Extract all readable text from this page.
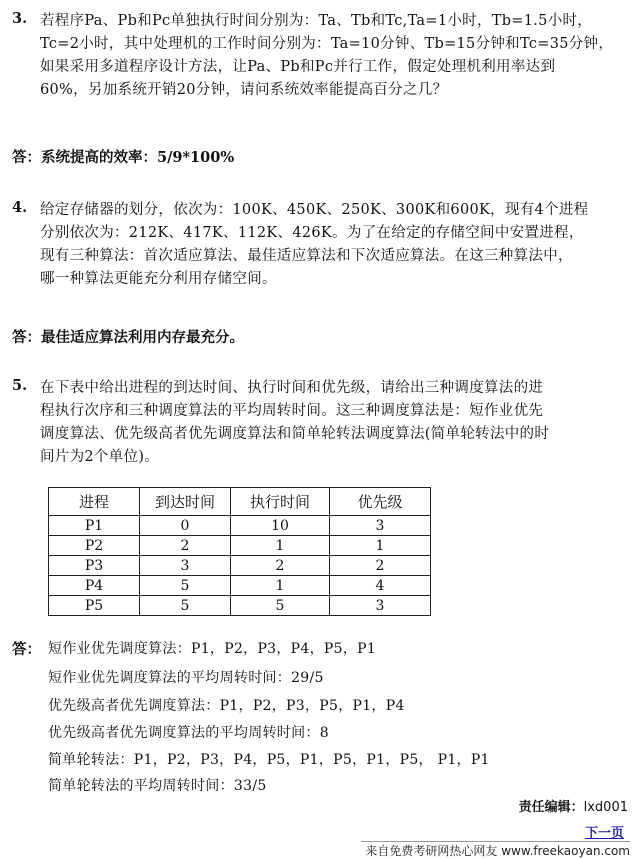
3. 若程序Pa、Pb和Pc单独执行时间分别为：Ta、Tb和Tc,Ta=1小时，Tb=1.5小时，
Tc=2小时，其中处理机的工作时间分别为：Ta=10分钟、Tb=15分钟和Tc=35分钟，
如果采用多道程序设计方法，让Pa、Pb和Pc并行工作，假定处理机利用率达到
60%，另加系统开销20分钟，请问系统效率能提高百分之几？
答：系统提高的效率：5/9*100%
4. 给定存储器的划分，依次为：100K、450K、250K、300K和600K，现有4个进程
分别依次为：212K、417K、112K、426K。为了在给定的存储空间中安置进程，
现有三种算法：首次适应算法、最佳适应算法和下次适应算法。在这三种算法中，
哪一种算法更能充分利用存储空间。
答：最佳适应算法利用内存最充分。
5. 在下表中给出进程的到达时间、执行时间和优先级，请给出三种调度算法的进
程执行次序和三种调度算法的平均周转时间。这三种调度算法是：短作业优先
调度算法、优先级高者优先调度算法和简单轮转法调度算法(简单轮转法中的时
间片为2个单位)。
进程	到达时间	执行时间	优先级
P1	0	10	3
P2	2	1	1
P3	3	2	2
P4	5	1	4
P5	5	5	3
答： 短作业优先调度算法：P1，P2，P3，P4，P5，P1
短作业优先调度算法的平均周转时间：29/5
优先级高者优先调度算法：P1，P2，P3，P5，P1，P4
优先级高者优先调度算法的平均周转时间：8
简单轮转法：P1，P2，P3，P4，P5，P1，P5，P1，P5， P1，P1
简单轮转法的平均周转时间：33/5
责任编辑：lxd001
下一页
来自免费考研网热心网友 www.freekaoyan.com
